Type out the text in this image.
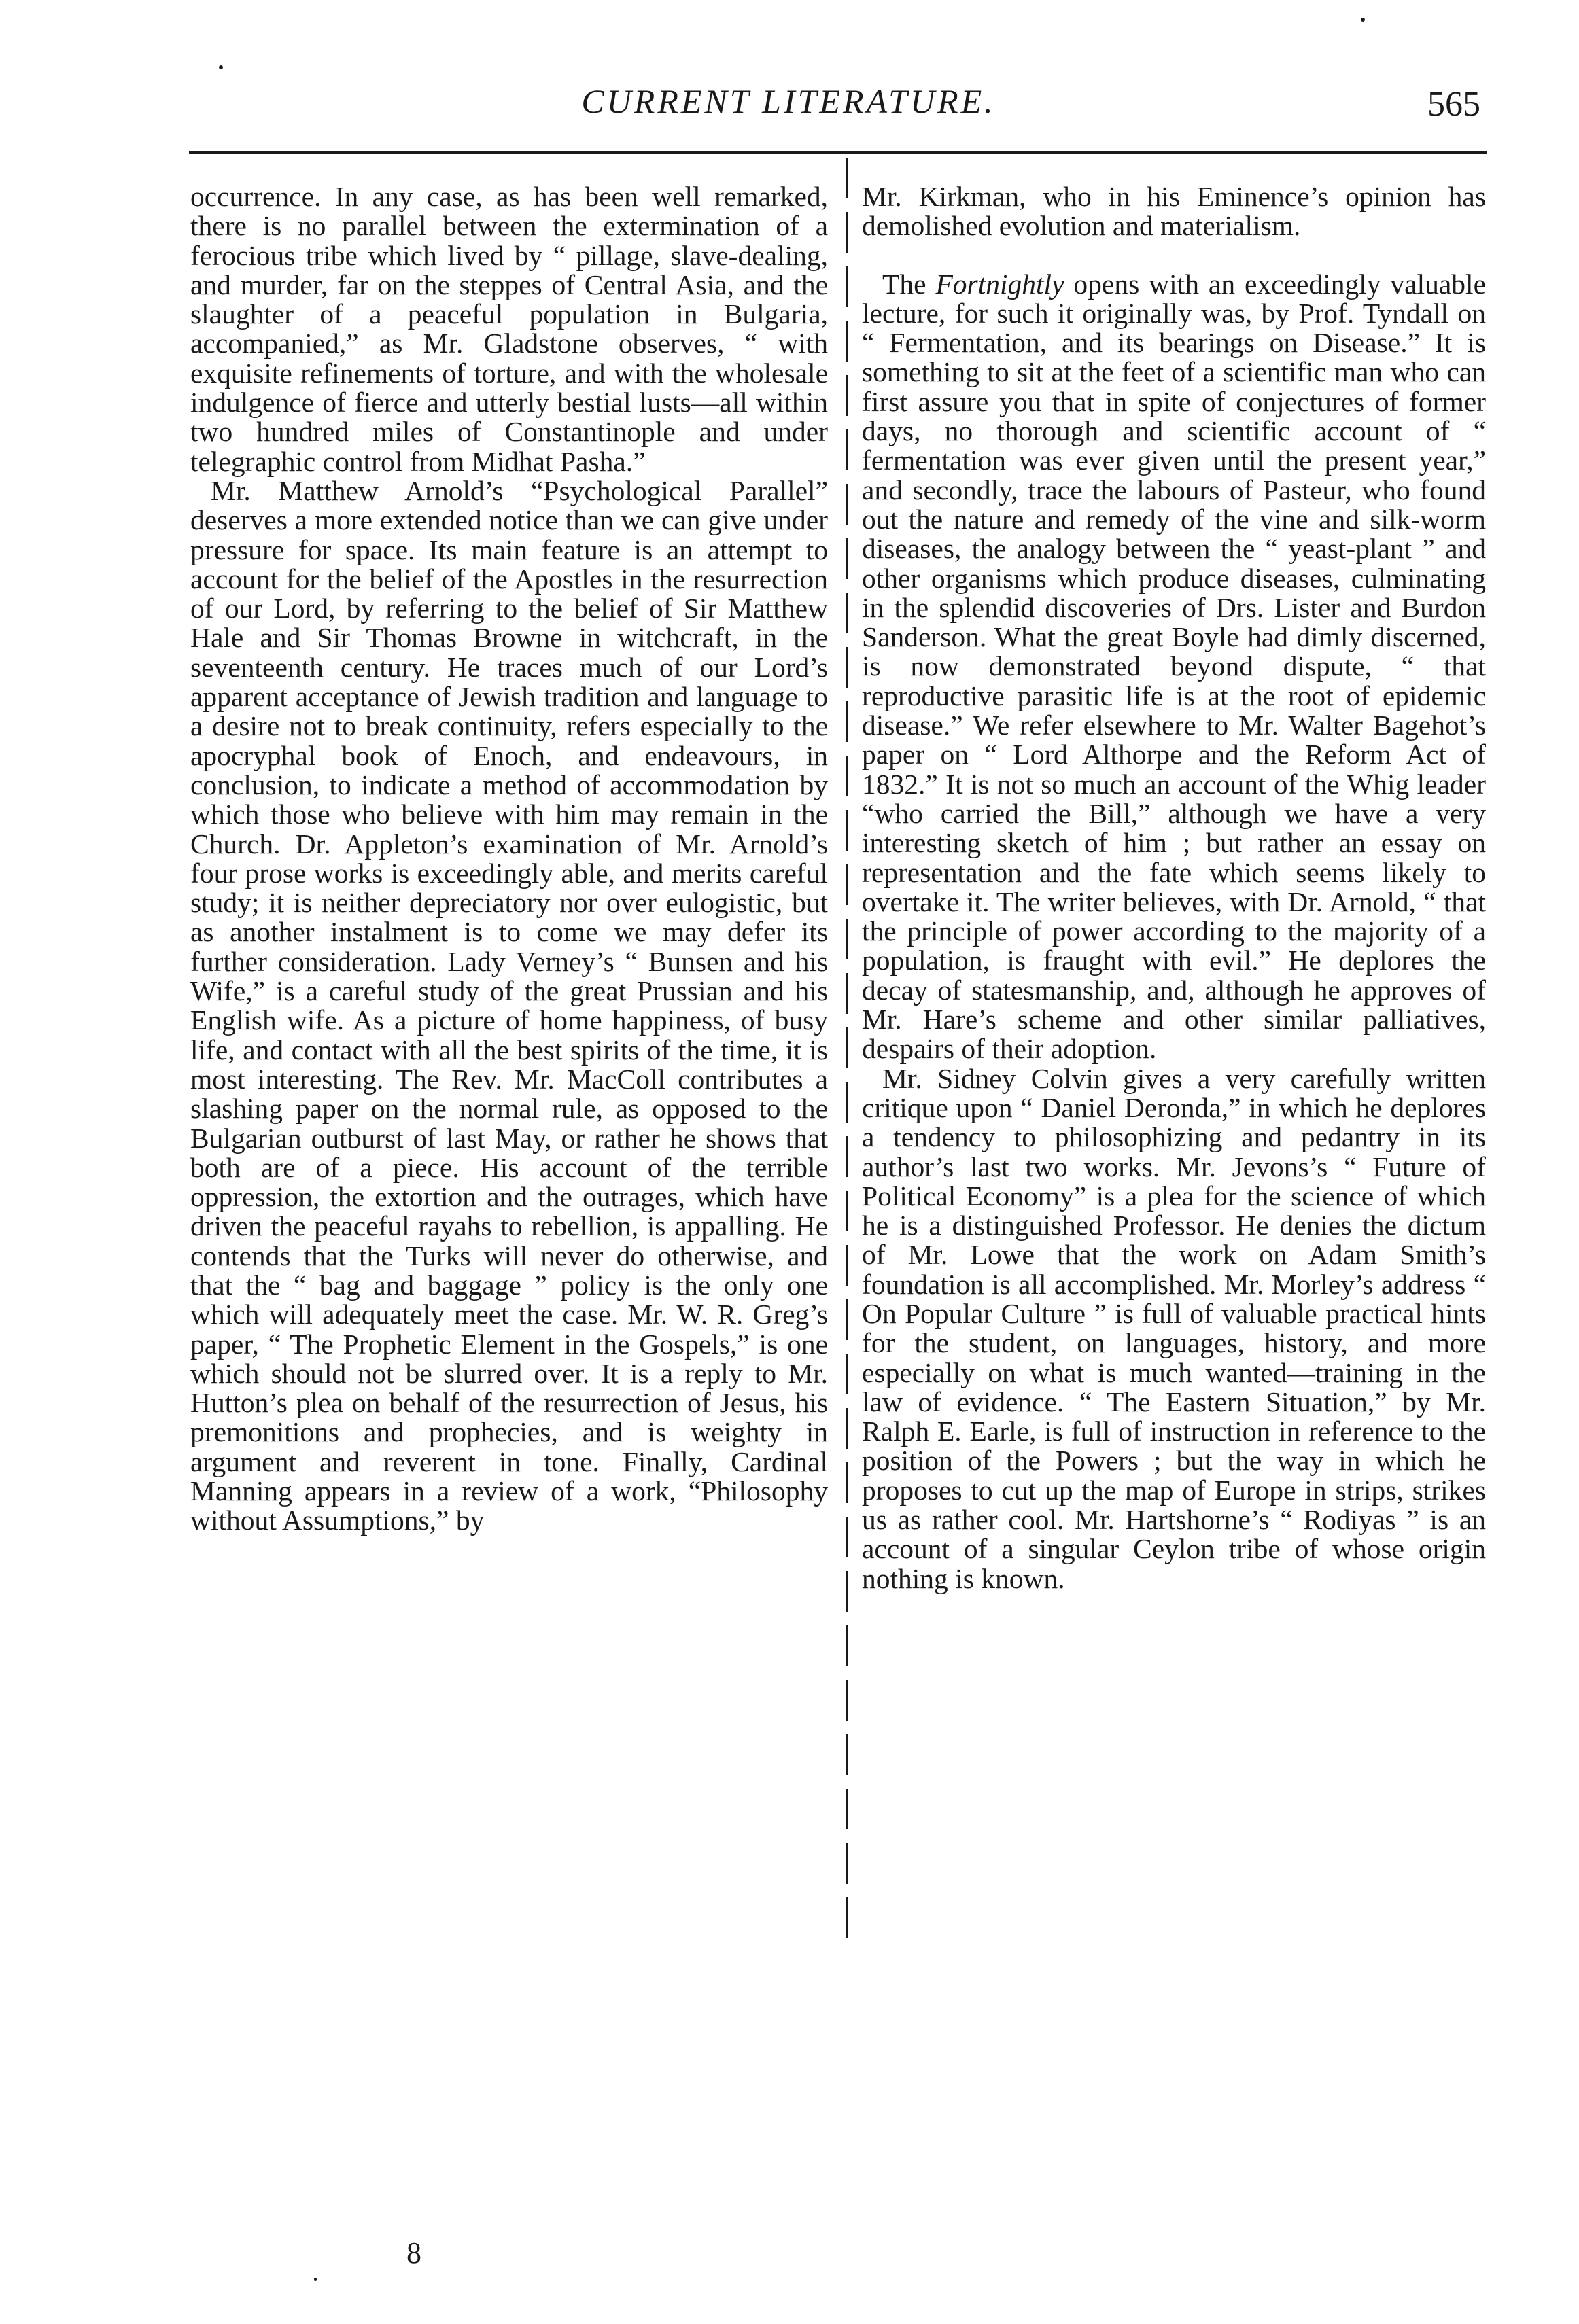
CURRENT LITERATURE.	565

occurrence. In any case, as has been well remarked, there is no parallel between the extermination of a ferocious tribe which lived by “ pillage, slave-dealing, and murder, far on the steppes of Central Asia, and the slaughter of a peaceful population in Bulgaria, accompanied,” as Mr. Gladstone observes, “ with exquisite refinements of torture, and with the wholesale indulgence of fierce and utterly bestial lusts—all within two hundred miles of Constantinople and under telegraphic control from Midhat Pasha.”

Mr. Matthew Arnold’s “Psychological Parallel” deserves a more extended notice than we can give under pressure for space. Its main feature is an attempt to account for the belief of the Apostles in the resurrection of our Lord, by referring to the belief of Sir Matthew Hale and Sir Thomas Browne in witchcraft, in the seventeenth century. He traces much of our Lord’s apparent acceptance of Jewish tradition and language to a desire not to break continuity, refers especially to the apocryphal book of Enoch, and endeavours, in conclusion, to indicate a method of accommodation by which those who believe with him may remain in the Church. Dr. Appleton’s examination of Mr. Arnold’s four prose works is exceedingly able, and merits careful study; it is neither depreciatory nor over eulogistic, but as another instalment is to come we may defer its further consideration. Lady Verney’s “ Bunsen and his Wife,” is a careful study of the great Prussian and his English wife. As a picture of home happiness, of busy life, and contact with all the best spirits of the time, it is most interesting. The Rev. Mr. MacColl contributes a slashing paper on the normal rule, as opposed to the Bulgarian outburst of last May, or rather he shows that both are of a piece. His account of the terrible oppression, the extortion and the outrages, which have driven the peaceful rayahs to rebellion, is appalling. He contends that the Turks will never do otherwise, and that the “ bag and baggage ” policy is the only one which will adequately meet the case. Mr. W. R. Greg’s paper, “ The Prophetic Element in the Gospels,” is one which should not be slurred over. It is a reply to Mr. Hutton’s plea on behalf of the resurrection of Jesus, his premonitions and prophecies, and is weighty in argument and reverent in tone. Finally, Cardinal Manning appears in a review of a work, “Philosophy without Assumptions,” by

Mr. Kirkman, who in his Eminence’s opinion has demolished evolution and materialism.

The Fortnightly opens with an exceedingly valuable lecture, for such it originally was, by Prof. Tyndall on “ Fermentation, and its bearings on Disease.” It is something to sit at the feet of a scientific man who can first assure you that in spite of conjectures of former days, no thorough and scientific account of “ fermentation was ever given until the present year,” and secondly, trace the labours of Pasteur, who found out the nature and remedy of the vine and silk-worm diseases, the analogy between the “ yeast-plant ” and other organisms which produce diseases, culminating in the splendid discoveries of Drs. Lister and Burdon Sanderson. What the great Boyle had dimly discerned, is now demonstrated beyond dispute, “ that reproductive parasitic life is at the root of epidemic disease.” We refer elsewhere to Mr. Walter Bagehot’s paper on “ Lord Althorpe and the Reform Act of 1832.” It is not so much an account of the Whig leader “who carried the Bill,” although we have a very interesting sketch of him ; but rather an essay on representation and the fate which seems likely to overtake it. The writer believes, with Dr. Arnold, “ that the principle of power according to the majority of a population, is fraught with evil.” He deplores the decay of statesmanship, and, although he approves of Mr. Hare’s scheme and other similar palliatives, despairs of their adoption.

Mr. Sidney Colvin gives a very carefully written critique upon “ Daniel Deronda,” in which he deplores a tendency to philosophizing and pedantry in its author’s last two works. Mr. Jevons’s “ Future of Political Economy” is a plea for the science of which he is a distinguished Professor. He denies the dictum of Mr. Lowe that the work on Adam Smith’s foundation is all accomplished. Mr. Morley’s address “ On Popular Culture ” is full of valuable practical hints for the student, on languages, history, and more especially on what is much wanted—training in the law of evidence. “ The Eastern Situation,” by Mr. Ralph E. Earle, is full of instruction in reference to the position of the Powers ; but the way in which he proposes to cut up the map of Europe in strips, strikes us as rather cool. Mr. Hartshorne’s “ Rodiyas ” is an account of a singular Ceylon tribe of whose origin nothing is known.

8
